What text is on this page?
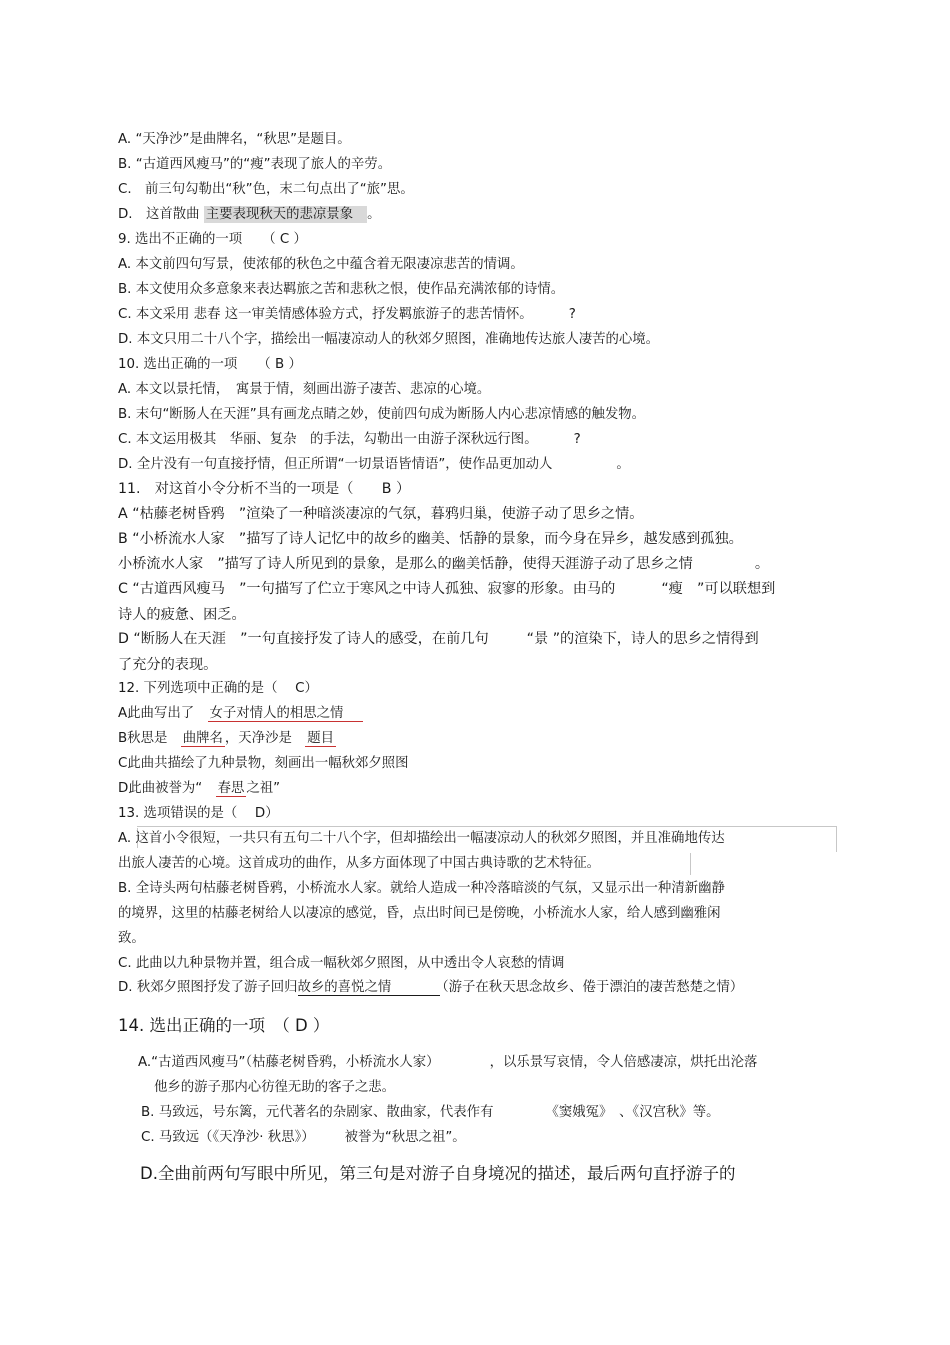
A. “天净沙”是曲牌名，“秋思”是题目。
B. “古道西风瘦马”的“瘦”表现了旅人的辛劳。
C.　前三句勾勒出“秋”色，末二句点出了“旅”思。
D.　这首散曲 主要表现秋天的悲凉景象 。
9. 选出不正确的一项　　（ C ）
A. 本文前四句写景，使浓郁的秋色之中蕴含着无限凄凉悲苦的情调。
B. 本文使用众多意象来表达羁旅之苦和悲秋之恨，使作品充满浓郁的诗情。
C. 本文采用 悲春 这一审美情感体验方式，抒发羁旅游子的悲苦情怀。	?
D. 本文只用二十八个字，描绘出一幅凄凉动人的秋郊夕照图，准确地传达旅人凄苦的心境。
10. 选出正确的一项　　（ B ）
A. 本文以景托情，　寓景于情，刻画出游子凄苦、悲凉的心境。
B. 末句“断肠人在天涯”具有画龙点睛之妙，使前四句成为断肠人内心悲凉情感的触发物。
C. 本文运用极其　华丽、复杂　的手法，勾勒出一由游子深秋远行图。	?
D. 全片没有一句直接抒情，但正所谓“一切景语皆情语”，使作品更加动人	。
11.　对这首小令分析不当的一项是（　　B ）
A “枯藤老树昏鸦　”渲染了一种暗淡凄凉的气氛，暮鸦归巢，使游子动了思乡之情。
B “小桥流水人家　”描写了诗人记忆中的故乡的幽美、恬静的景象，而今身在异乡，越发感到孤独。
小桥流水人家　”描写了诗人所见到的景象，是那么的幽美恬静，使得天涯游子动了思乡之情	。
C “古道西风瘦马　”一句描写了伫立于寒风之中诗人孤独、寂寥的形象。由马的	“瘦　”可以联想到
诗人的疲惫、困乏。
D “断肠人在天涯　”一句直接抒发了诗人的感受，在前几句	“景 ”的渲染下，诗人的思乡之情得到
了充分的表现。
12. 下列选项中正确的是（　 C）
A此曲写出了　 女子对情人的相思之情
B秋思是　 曲牌名 ，天净沙是　 题目
C此曲共描绘了九种景物，刻画出一幅秋郊夕照图
D此曲被誉为“　春思 之祖”
13. 选项错误的是（　 D）
A. 这首小令很短，一共只有五句二十八个字，但却描绘出一幅凄凉动人的秋郊夕照图，并且准确地传达
出旅人凄苦的心境。这首成功的曲作，从多方面体现了中国古典诗歌的艺术特征。
B. 全诗头两句枯藤老树昏鸦，小桥流水人家。就给人造成一种冷落暗淡的气氛，又显示出一种清新幽静
的境界，这里的枯藤老树给人以凄凉的感觉，昏，点出时间已是傍晚，小桥流水人家，给人感到幽雅闲
致。
C. 此曲以九种景物并置，组合成一幅秋郊夕照图，从中透出令人哀愁的情调
D. 秋郊夕照图抒发了游子回归故乡的喜悦之情	（游子在秋天思念故乡、倦于漂泊的凄苦愁楚之情）
14. 选出正确的一项　（ D ）
A.“古道西风瘦马”（枯藤老树昏鸦，小桥流水人家）	，以乐景写哀情，令人倍感凄凉，烘托出沦落
他乡的游子那内心彷徨无助的客子之悲。
B. 马致远，号东篱，元代著名的杂剧家、散曲家，代表作有	《窦娥冤》　、《汉宫秋》等。
C. 马致远（《天净沙· 秋思》） 被誉为“秋思之祖”。
D.全曲前两句写眼中所见，第三句是对游子自身境况的描述，最后两句直抒游子的
